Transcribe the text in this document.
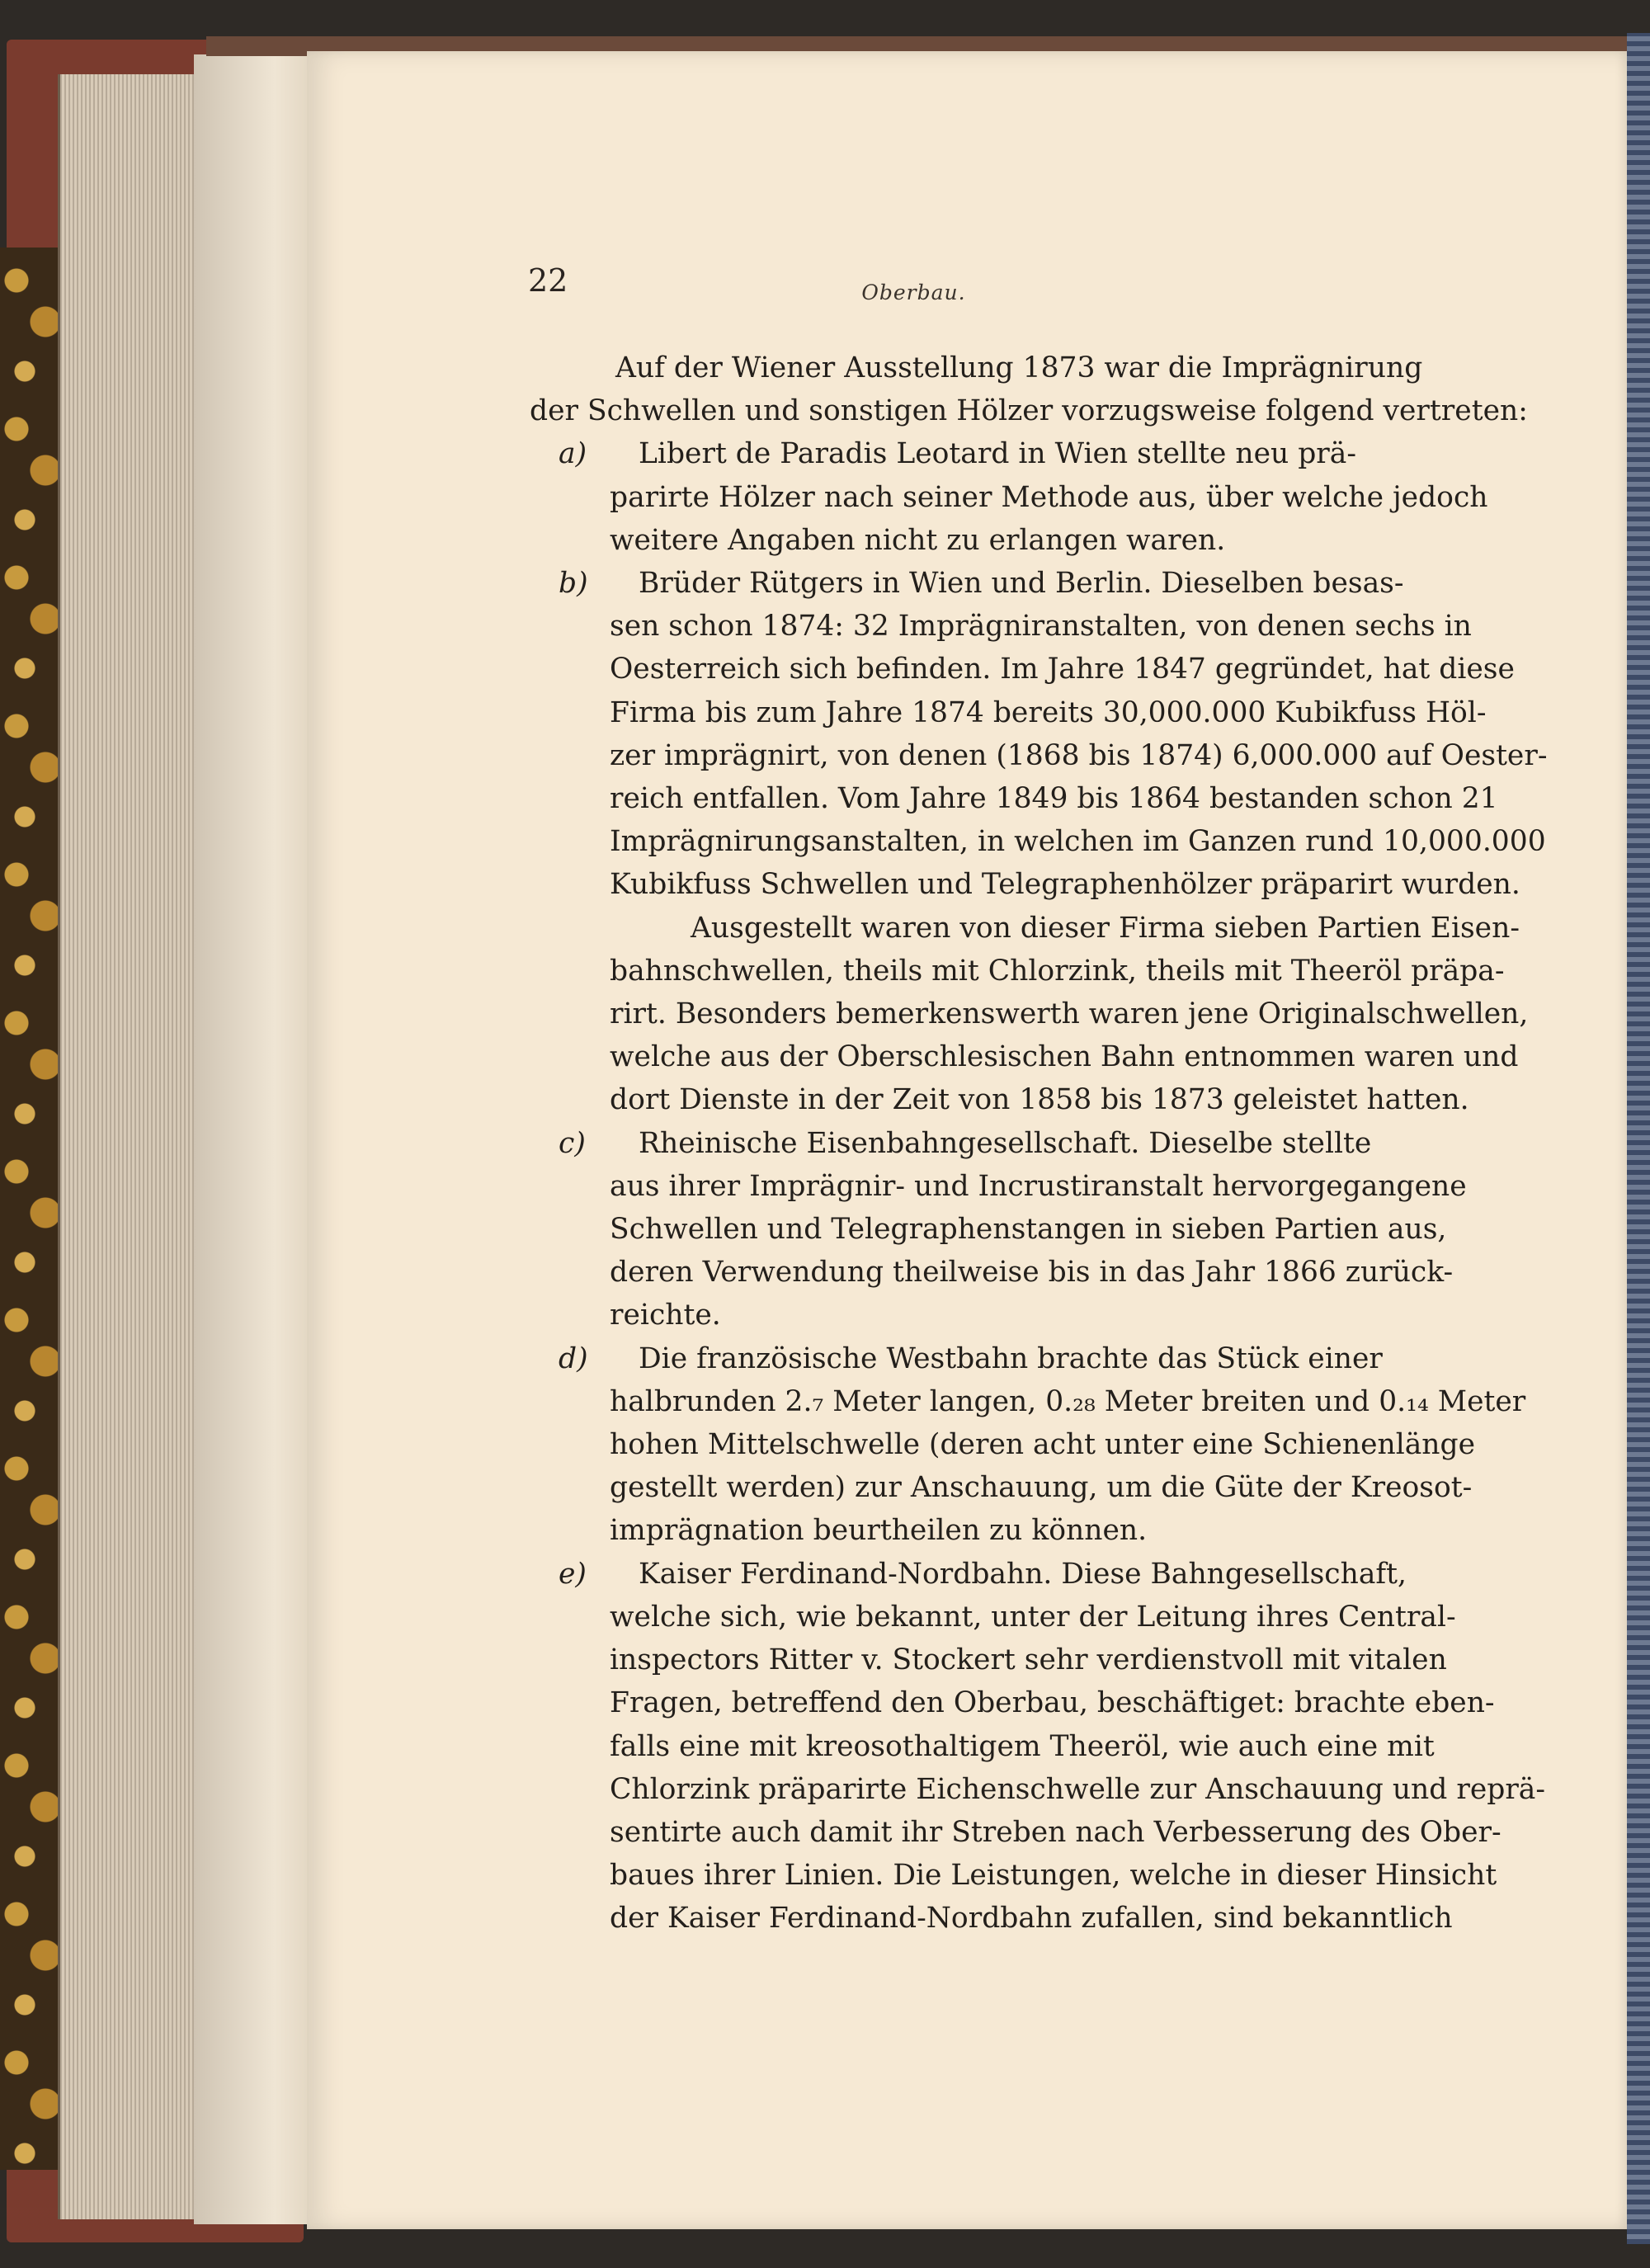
22	Oberbau.
Auf der Wiener Ausstellung 1873 war die Imprägnirung
der Schwellen und sonstigen Hölzer vorzugsweise folgend vertreten:
a) Libert de Paradis Leotard in Wien stellte neu prä-
parirte Hölzer nach seiner Methode aus, über welche jedoch
weitere Angaben nicht zu erlangen waren.
b) Brüder Rütgers in Wien und Berlin. Dieselben besas-
sen schon 1874: 32 Imprägniranstalten, von denen sechs in
Oesterreich sich befinden. Im Jahre 1847 gegründet, hat diese
Firma bis zum Jahre 1874 bereits 30,000.000 Kubikfuss Höl-
zer imprägnirt, von denen (1868 bis 1874) 6,000.000 auf Oester-
reich entfallen. Vom Jahre 1849 bis 1864 bestanden schon 21
Imprägnirungsanstalten, in welchen im Ganzen rund 10,000.000
Kubikfuss Schwellen und Telegraphenhölzer präparirt wurden.
Ausgestellt waren von dieser Firma sieben Partien Eisen-
bahnschwellen, theils mit Chlorzink, theils mit Theeröl präpa-
rirt. Besonders bemerkenswerth waren jene Originalschwellen,
welche aus der Oberschlesischen Bahn entnommen waren und
dort Dienste in der Zeit von 1858 bis 1873 geleistet hatten.
c) Rheinische Eisenbahngesellschaft. Dieselbe stellte
aus ihrer Imprägnir- und Incrustiranstalt hervorgegangene
Schwellen und Telegraphenstangen in sieben Partien aus,
deren Verwendung theilweise bis in das Jahr 1866 zurück-
reichte.
d) Die französische Westbahn brachte das Stück einer
halbrunden 2.₇ Meter langen, 0.₂₈ Meter breiten und 0.₁₄ Meter
hohen Mittelschwelle (deren acht unter eine Schienenlänge
gestellt werden) zur Anschauung, um die Güte der Kreosot-
imprägnation beurtheilen zu können.
e) Kaiser Ferdinand-Nordbahn. Diese Bahngesellschaft,
welche sich, wie bekannt, unter der Leitung ihres Central-
inspectors Ritter v. Stockert sehr verdienstvoll mit vitalen
Fragen, betreffend den Oberbau, beschäftiget: brachte eben-
falls eine mit kreosothaltigem Theeröl, wie auch eine mit
Chlorzink präparirte Eichenschwelle zur Anschauung und reprä-
sentirte auch damit ihr Streben nach Verbesserung des Ober-
baues ihrer Linien. Die Leistungen, welche in dieser Hinsicht
der Kaiser Ferdinand-Nordbahn zufallen, sind bekanntlich
